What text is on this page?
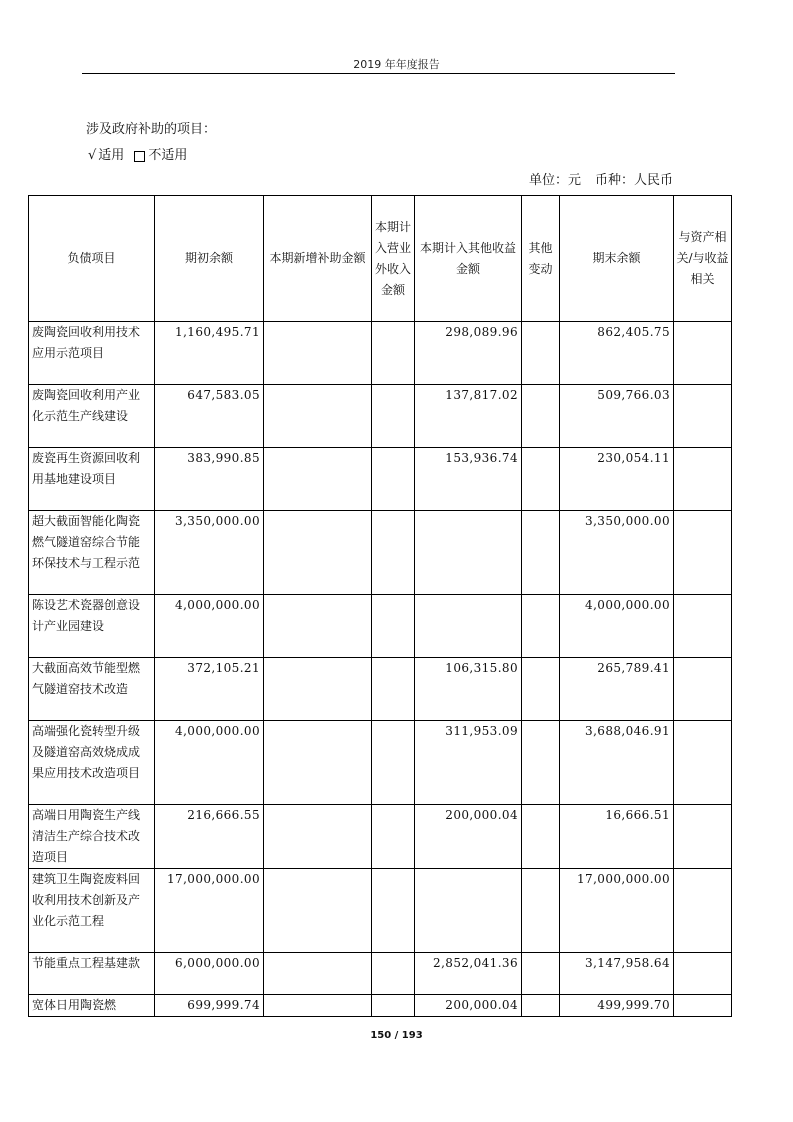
2019 年年度报告
涉及政府补助的项目：
√ 适用 不适用
单位：元 币种：人民币
负债项目	期初余额	本期新增补助金额	本期计入营业外收入金额	本期计入其他收益金额	其他变动	期末余额	与资产相关/与收益相关
废陶瓷回收利用技术应用示范项目	1,160,495.71			298,089.96		862,405.75	
废陶瓷回收利用产业化示范生产线建设	647,583.05			137,817.02		509,766.03	
废瓷再生资源回收利用基地建设项目	383,990.85			153,936.74		230,054.11	
超大截面智能化陶瓷燃气隧道窑综合节能环保技术与工程示范	3,350,000.00					3,350,000.00	
陈设艺术瓷器创意设计产业园建设	4,000,000.00					4,000,000.00	
大截面高效节能型燃气隧道窑技术改造	372,105.21			106,315.80		265,789.41	
高端强化瓷转型升级及隧道窑高效烧成成果应用技术改造项目	4,000,000.00			311,953.09		3,688,046.91	
高端日用陶瓷生产线清洁生产综合技术改造项目	216,666.55			200,000.04		16,666.51	
建筑卫生陶瓷废料回收利用技术创新及产业化示范工程	17,000,000.00					17,000,000.00	
节能重点工程基建款	6,000,000.00			2,852,041.36		3,147,958.64	
宽体日用陶瓷燃	699,999.74			200,000.04		499,999.70	
150 / 193
